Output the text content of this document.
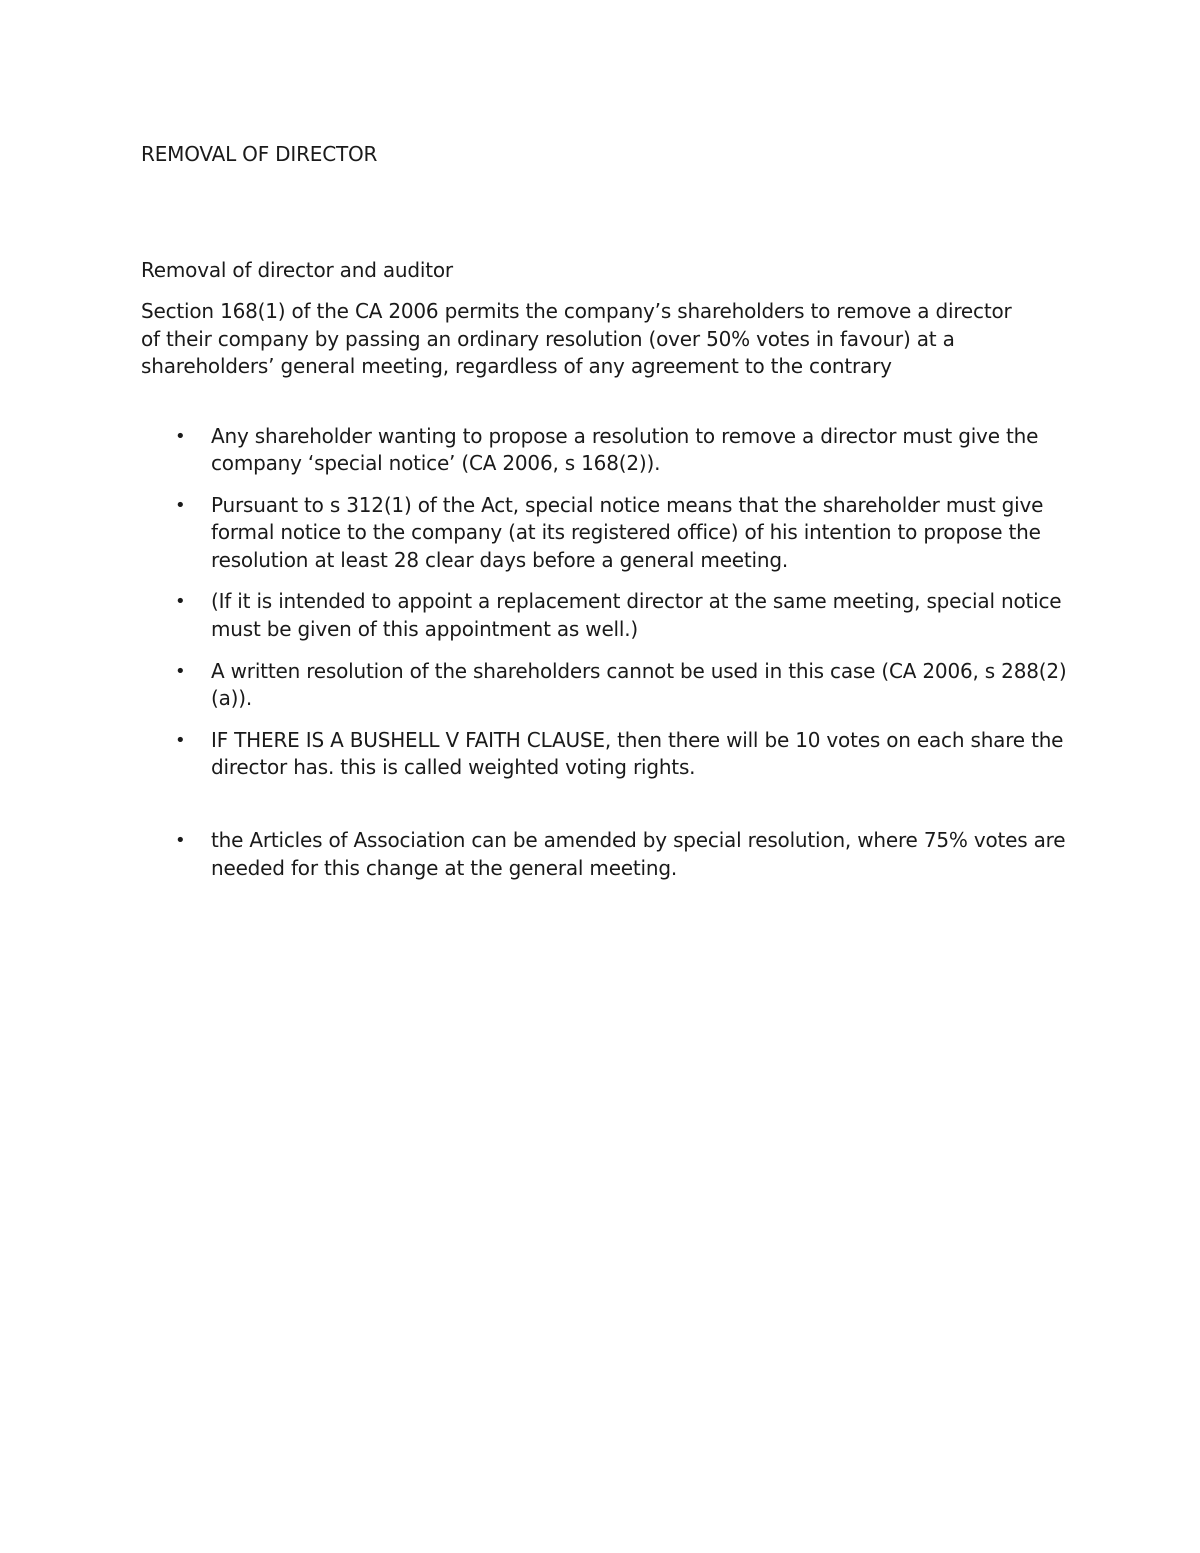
REMOVAL OF DIRECTOR
Removal of director and auditor

Section 168(1) of the CA 2006 permits the company’s shareholders to remove a director of their company by passing an ordinary resolution (over 50% votes in favour) at a shareholders’ general meeting, regardless of any agreement to the contrary

• Any shareholder wanting to propose a resolution to remove a director must give the company ‘special notice’ (CA 2006, s 168(2)).
• Pursuant to s 312(1) of the Act, special notice means that the shareholder must give formal notice to the company (at its registered office) of his intention to propose the resolution at least 28 clear days before a general meeting.
• (If it is intended to appoint a replacement director at the same meeting, special notice must be given of this appointment as well.)
• A written resolution of the shareholders cannot be used in this case (CA 2006, s 288(2)(a)).
• IF THERE IS A BUSHELL V FAITH CLAUSE, then there will be 10 votes on each share the director has. this is called weighted voting rights.
• the Articles of Association can be amended by special resolution, where 75% votes are needed for this change at the general meeting.
